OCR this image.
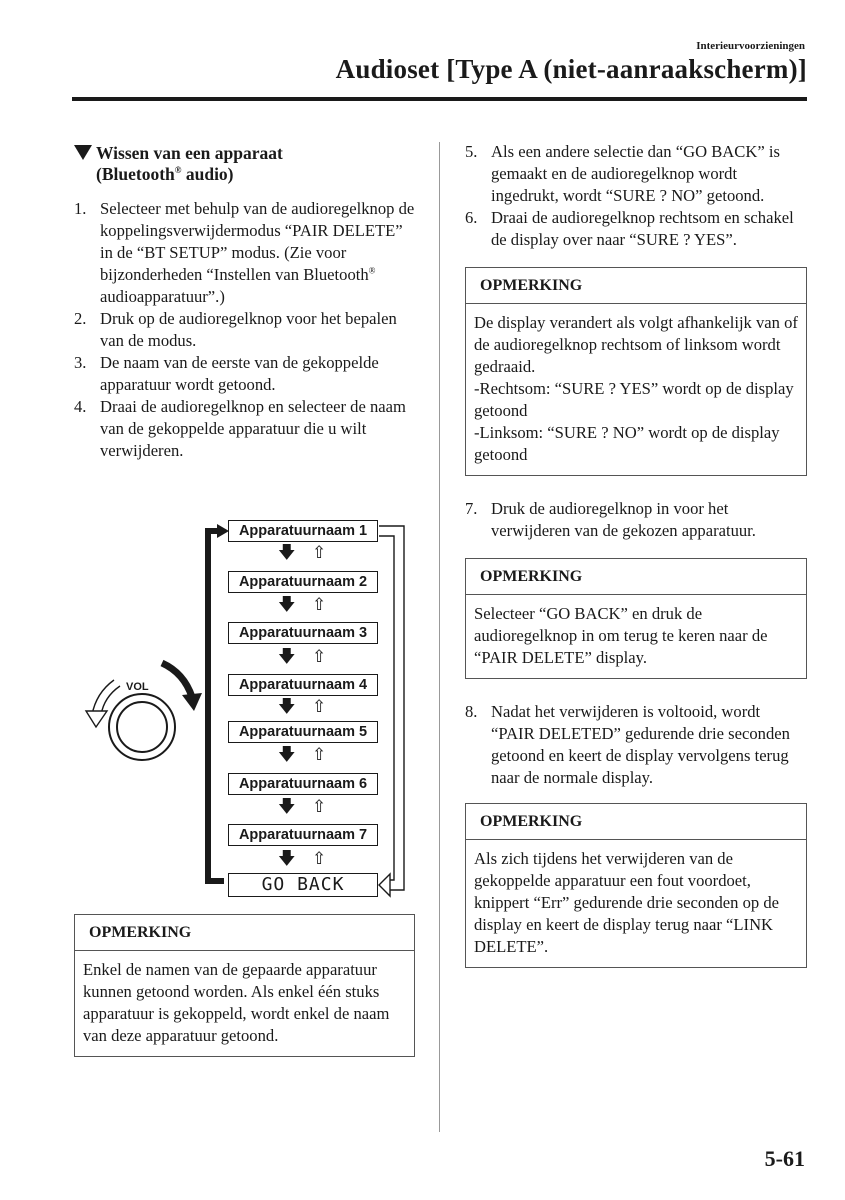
Interieurvoorzieningen
Audioset [Type A (niet-aanraakscherm)]
Wissen van een apparaat
(Bluetooth® audio)
1. Selecteer met behulp van de audioregelknop de koppelingsverwijdermodus “PAIR DELETE” in de “BT SETUP” modus. (Zie voor bijzonderheden “Instellen van Bluetooth® audioapparatuur”.)
2. Druk op de audioregelknop voor het bepalen van de modus.
3. De naam van de eerste van de gekoppelde apparatuur wordt getoond.
4. Draai de audioregelknop en selecteer de naam van de gekoppelde apparatuur die u wilt verwijderen.
VOL
Apparatuurnaam 1
🡇 ⇧
Apparatuurnaam 2
🡇 ⇧
Apparatuurnaam 3
🡇 ⇧
Apparatuurnaam 4
🡇 ⇧
Apparatuurnaam 5
🡇 ⇧
Apparatuurnaam 6
🡇 ⇧
Apparatuurnaam 7
🡇 ⇧
GO BACK
OPMERKING
Enkel de namen van de gepaarde apparatuur kunnen getoond worden. Als enkel één stuks apparatuur is gekoppeld, wordt enkel de naam van deze apparatuur getoond.
5. Als een andere selectie dan “GO BACK” is gemaakt en de audioregelknop wordt ingedrukt, wordt “SURE ? NO” getoond.
6. Draai de audioregelknop rechtsom en schakel de display over naar “SURE ? YES”.
OPMERKING
De display verandert als volgt afhankelijk van of de audioregelknop rechtsom of linksom wordt gedraaid.
-Rechtsom: “SURE ? YES” wordt op de display getoond
-Linksom: “SURE ? NO” wordt op de display getoond
7. Druk de audioregelknop in voor het verwijderen van de gekozen apparatuur.
OPMERKING
Selecteer “GO BACK” en druk de audioregelknop in om terug te keren naar de “PAIR DELETE” display.
8. Nadat het verwijderen is voltooid, wordt “PAIR DELETED” gedurende drie seconden getoond en keert de display vervolgens terug naar de normale display.
OPMERKING
Als zich tijdens het verwijderen van de gekoppelde apparatuur een fout voordoet, knippert “Err” gedurende drie seconden op de display en keert de display terug naar “LINK DELETE”.
5-61
